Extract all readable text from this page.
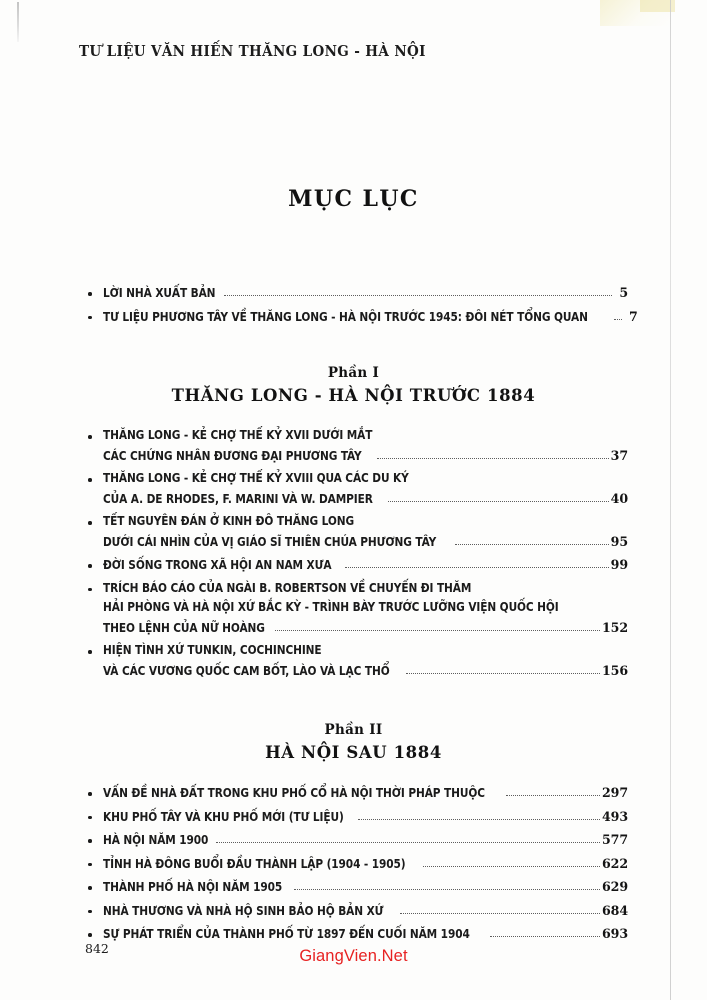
TƯ LIỆU VĂN HIẾN THĂNG LONG - HÀ NỘI
MỤC LỤC
LỜI NHÀ XUẤT BẢN	5
TƯ LIỆU PHƯƠNG TÂY VỀ THĂNG LONG - HÀ NỘI TRƯỚC 1945: ĐÔI NÉT TỔNG QUAN	7
Phần I
THĂNG LONG - HÀ NỘI TRƯỚC 1884
THĂNG LONG - KẺ CHỢ THẾ KỶ XVII DƯỚI MẮT
CÁC CHỨNG NHÂN ĐƯƠNG ĐẠI PHƯƠNG TÂY	37
THĂNG LONG - KẺ CHỢ THẾ KỶ XVIII QUA CÁC DU KÝ
CỦA A. DE RHODES, F. MARINI VÀ W. DAMPIER	40
TẾT NGUYÊN ĐÁN Ở KINH ĐÔ THĂNG LONG
DƯỚI CÁI NHÌN CỦA VỊ GIÁO SĨ THIÊN CHÚA PHƯƠNG TÂY	95
ĐỜI SỐNG TRONG XÃ HỘI AN NAM XƯA	99
TRÍCH BÁO CÁO CỦA NGÀI B. ROBERTSON VỀ CHUYẾN ĐI THĂM
HẢI PHÒNG VÀ HÀ NỘI XỨ BẮC KỲ - TRÌNH BÀY TRƯỚC LƯỠNG VIỆN QUỐC HỘI
THEO LỆNH CỦA NỮ HOÀNG	152
HIỆN TÌNH XỨ TUNKIN, COCHINCHINE
VÀ CÁC VƯƠNG QUỐC CAM BỐT, LÀO VÀ LẠC THỔ	156
Phần II
HÀ NỘI SAU 1884
VẤN ĐỀ NHÀ ĐẤT TRONG KHU PHỐ CỔ HÀ NỘI THỜI PHÁP THUỘC	297
KHU PHỐ TÂY VÀ KHU PHỐ MỚI (TƯ LIỆU)	493
HÀ NỘI NĂM 1900	577
TỈNH HÀ ĐÔNG BUỔI ĐẦU THÀNH LẬP (1904 - 1905)	622
THÀNH PHỐ HÀ NỘI NĂM 1905	629
NHÀ THƯƠNG VÀ NHÀ HỘ SINH BẢO HỘ BẢN XỨ	684
SỰ PHÁT TRIỂN CỦA THÀNH PHỐ TỪ 1897 ĐẾN CUỐI NĂM 1904	693
842	GiangVien.Net
